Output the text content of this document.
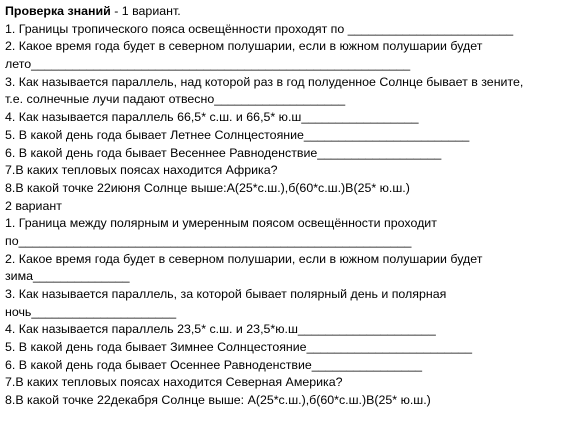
Проверка знаний - 1 вариант.
1. Границы тропического пояса освещённости проходят по ________________________
2. Какое время года будет в северном полушарии, если в южном полушарии будет
лето_______________________________________________________
3. Как называется параллель, над которой раз в год полуденное Солнце бывает в зените,
т.е. солнечные лучи падают отвесно___________________
4. Как называется параллель 66,5* с.ш. и 66,5* ю.ш_________________
5. В какой день года бывает Летнее Солнцестояние________________________
6. В какой день года бывает Весеннее Равноденствие__________________
7.В каких тепловых поясах находится Африка?
8.В какой точке 22июня Солнце выше:А(25*с.ш.),б(60*с.ш.)В(25* ю.ш.)
2 вариант
1. Граница между полярным и умеренным поясом освещённости проходит
по_________________________________________________________
2. Какое время года будет в северном полушарии, если в южном полушарии будет
зима______________
3. Как называется параллель, за которой бывает полярный день и полярная
ночь_____________________
4. Как называется параллель 23,5* с.ш. и 23,5*ю.ш____________________
5. В какой день года бывает Зимнее Солнцестояние________________________
6. В какой день года бывает Осеннее Равноденствие________________
7.В каких тепловых поясах находится Северная Америка?
8.В какой точке 22декабря Солнце выше: А(25*с.ш.),б(60*с.ш.)В(25* ю.ш.)
